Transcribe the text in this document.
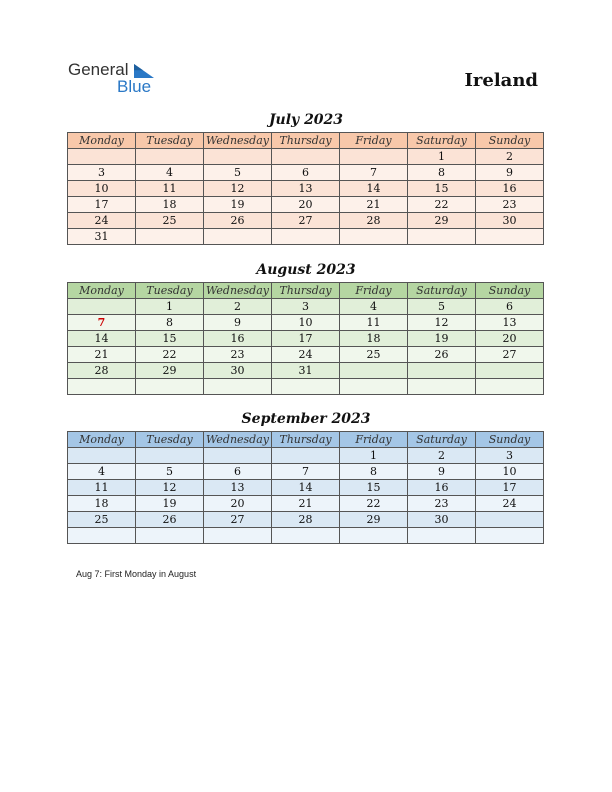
General
Blue	Ireland
July 2023
Monday	Tuesday	Wednesday	Thursday	Friday	Saturday	Sunday
					1	2
3	4	5	6	7	8	9
10	11	12	13	14	15	16
17	18	19	20	21	22	23
24	25	26	27	28	29	30
31						
August 2023
Monday	Tuesday	Wednesday	Thursday	Friday	Saturday	Sunday
	1	2	3	4	5	6
7	8	9	10	11	12	13
14	15	16	17	18	19	20
21	22	23	24	25	26	27
28	29	30	31			

September 2023
Monday	Tuesday	Wednesday	Thursday	Friday	Saturday	Sunday
				1	2	3
4	5	6	7	8	9	10
11	12	13	14	15	16	17
18	19	20	21	22	23	24
25	26	27	28	29	30	

Aug 7: First Monday in August
